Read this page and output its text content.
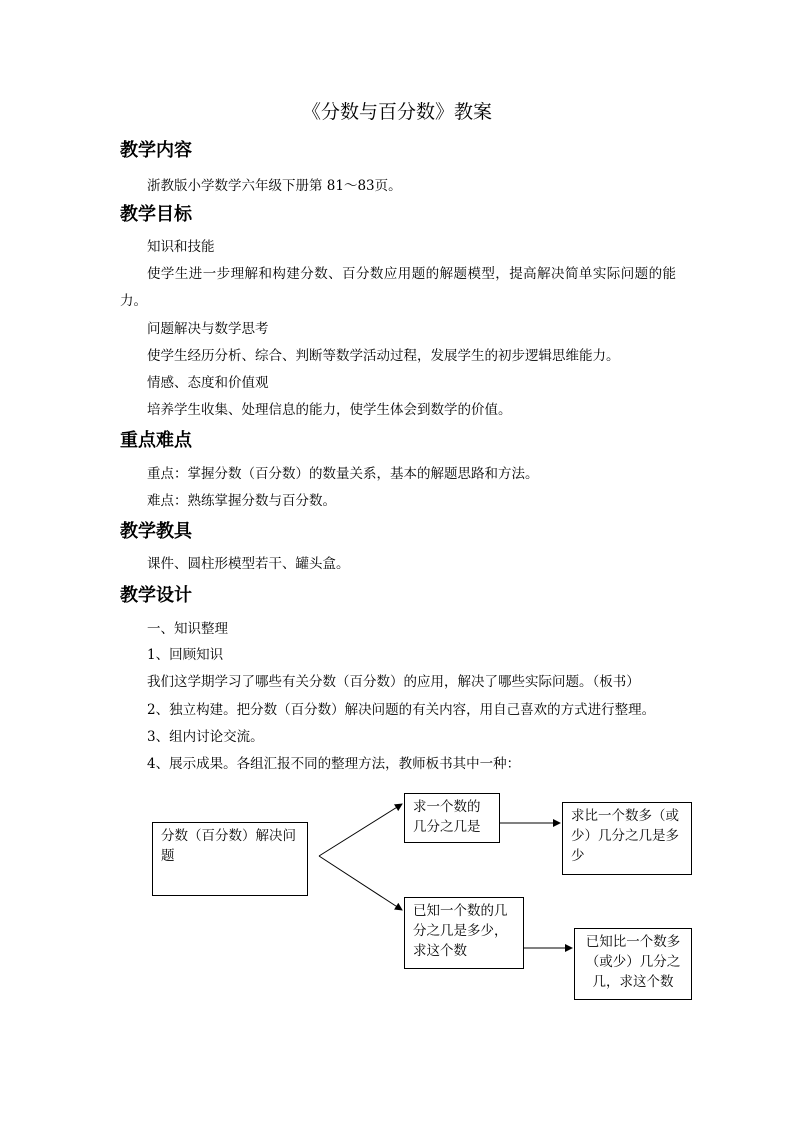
《分数与百分数》教案
教学内容
浙教版小学数学六年级下册第 81～83页。
教学目标
知识和技能
使学生进一步理解和构建分数、百分数应用题的解题模型，提高解决简单实际问题的能力。
问题解决与数学思考
使学生经历分析、综合、判断等数学活动过程，发展学生的初步逻辑思维能力。
情感、态度和价值观
培养学生收集、处理信息的能力，使学生体会到数学的价值。
重点难点
重点：掌握分数（百分数）的数量关系，基本的解题思路和方法。
难点：熟练掌握分数与百分数。
教学教具
课件、圆柱形模型若干、罐头盒。
教学设计
一、知识整理
1、回顾知识
我们这学期学习了哪些有关分数（百分数）的应用，解决了哪些实际问题。（板书）
2、独立构建。把分数（百分数）解决问题的有关内容，用自己喜欢的方式进行整理。
3、组内讨论交流。
4、展示成果。各组汇报不同的整理方法，教师板书其中一种：
分数（百分数）解决问题
求一个数的几分之几是
求比一个数多（或少）几分之几是多少
已知一个数的几分之几是多少，求这个数
已知比一个数多（或少）几分之几，求这个数
